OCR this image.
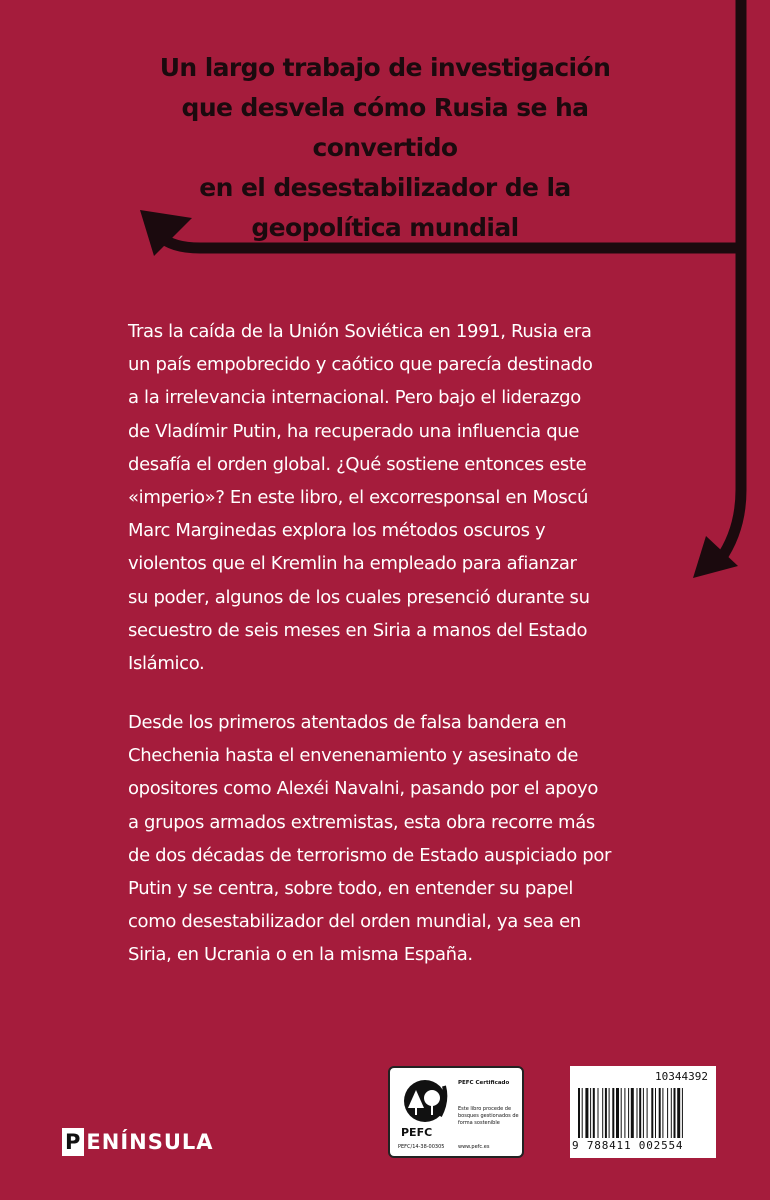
Un largo trabajo de investigación
que desvela cómo Rusia se ha convertido
en el desestabilizador de la
geopolítica mundial
Tras la caída de la Unión Soviética en 1991, Rusia era
un país empobrecido y caótico que parecía destinado
a la irrelevancia internacional. Pero bajo el liderazgo
de Vladímir Putin, ha recuperado una influencia que
desafía el orden global. ¿Qué sostiene entonces este
«imperio»? En este libro, el excorresponsal en Moscú
Marc Marginedas explora los métodos oscuros y
violentos que el Kremlin ha empleado para afianzar
su poder, algunos de los cuales presenció durante su
secuestro de seis meses en Siria a manos del Estado
Islámico.
Desde los primeros atentados de falsa bandera en
Chechenia hasta el envenenamiento y asesinato de
opositores como Alexéi Navalni, pasando por el apoyo
a grupos armados extremistas, esta obra recorre más
de dos décadas de terrorismo de Estado auspiciado por
Putin y se centra, sobre todo, en entender su papel
como desestabilizador del orden mundial, ya sea en
Siria, en Ucrania o en la misma España.
P ENÍNSULA	PEFC
PEFC/14-38-00305
PEFC Certificado
Este libro procede de bosques gestionados de forma sostenible
www.pefc.es
10344392
9 788411 002554
